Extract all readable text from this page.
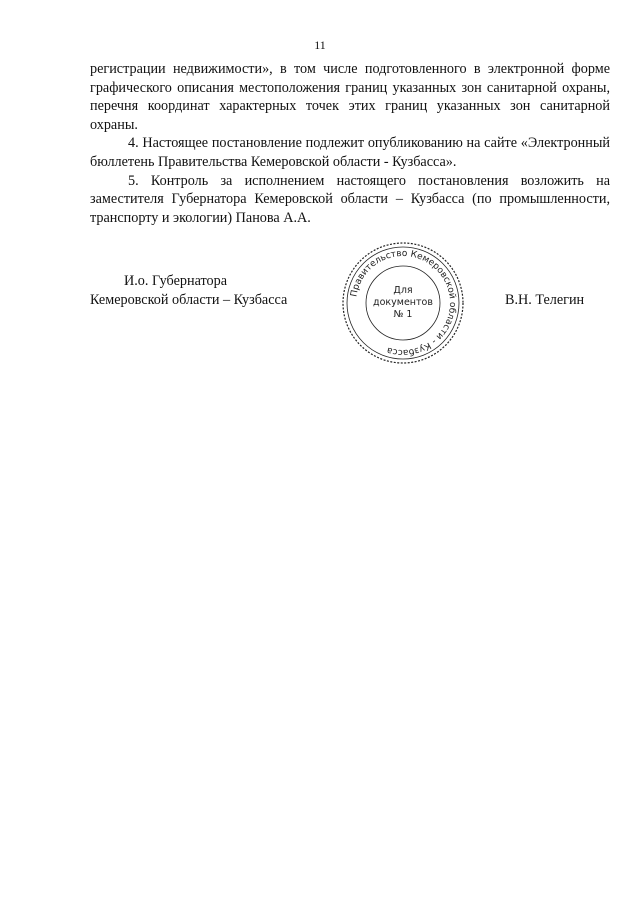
11

регистрации недвижимости», в том числе подготовленного в электронной форме графического описания местоположения границ указанных зон санитарной охраны, перечня координат характерных точек этих границ указанных зон санитарной охраны.

4. Настоящее постановление подлежит опубликованию на сайте «Электронный бюллетень Правительства Кемеровской области - Кузбасса».

5. Контроль за исполнением настоящего постановления возложить на заместителя Губернатора Кемеровской области – Кузбасса (по промышленности, транспорту и экологии) Панова А.А.

И.о. Губернатора
Кемеровской области – Кузбасса	Правительство Кемеровской области - Кузбасса
Для
документов
№ 1
В.Н. Телегин
